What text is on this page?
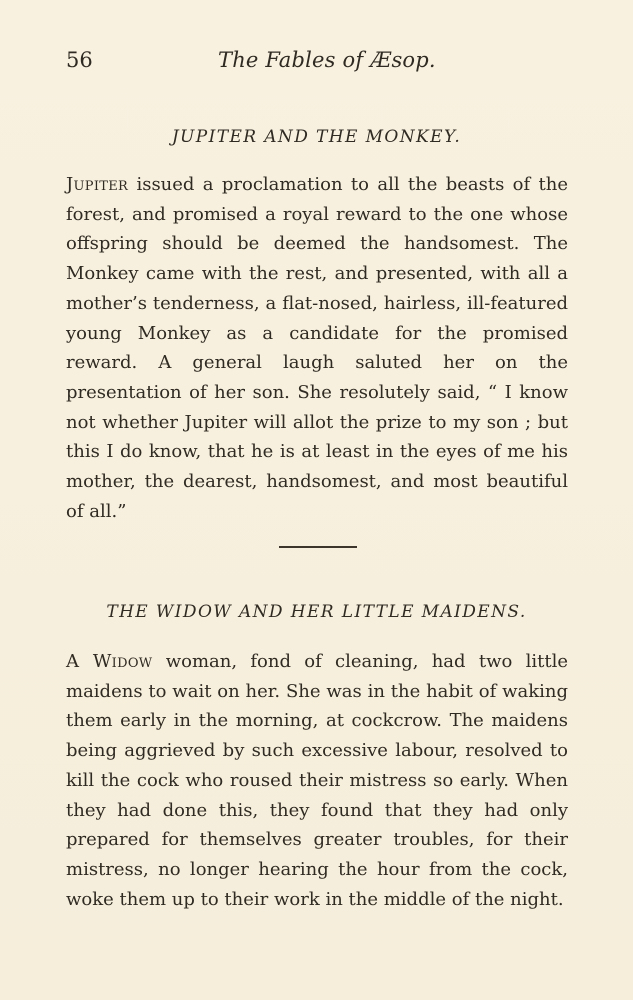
56	The Fables of Æsop.
JUPITER AND THE MONKEY.

Jupiter issued a proclamation to all the beasts of the forest, and promised a royal reward to the one whose offspring should be deemed the handsomest. The Monkey came with the rest, and presented, with all a mother’s tenderness, a flat-nosed, hairless, ill-featured young Monkey as a candidate for the promised reward. A general laugh saluted her on the presentation of her son. She resolutely said, “ I know not whether Jupiter will allot the prize to my son ; but this I do know, that he is at least in the eyes of me his mother, the dearest, handsomest, and most beautiful of all.”

THE WIDOW AND HER LITTLE MAIDENS.

A Widow woman, fond of cleaning, had two little maidens to wait on her. She was in the habit of waking them early in the morning, at cockcrow. The maidens being aggrieved by such excessive labour, resolved to kill the cock who roused their mistress so early. When they had done this, they found that they had only prepared for themselves greater troubles, for their mistress, no longer hearing the hour from the cock, woke them up to their work in the middle of the night.
